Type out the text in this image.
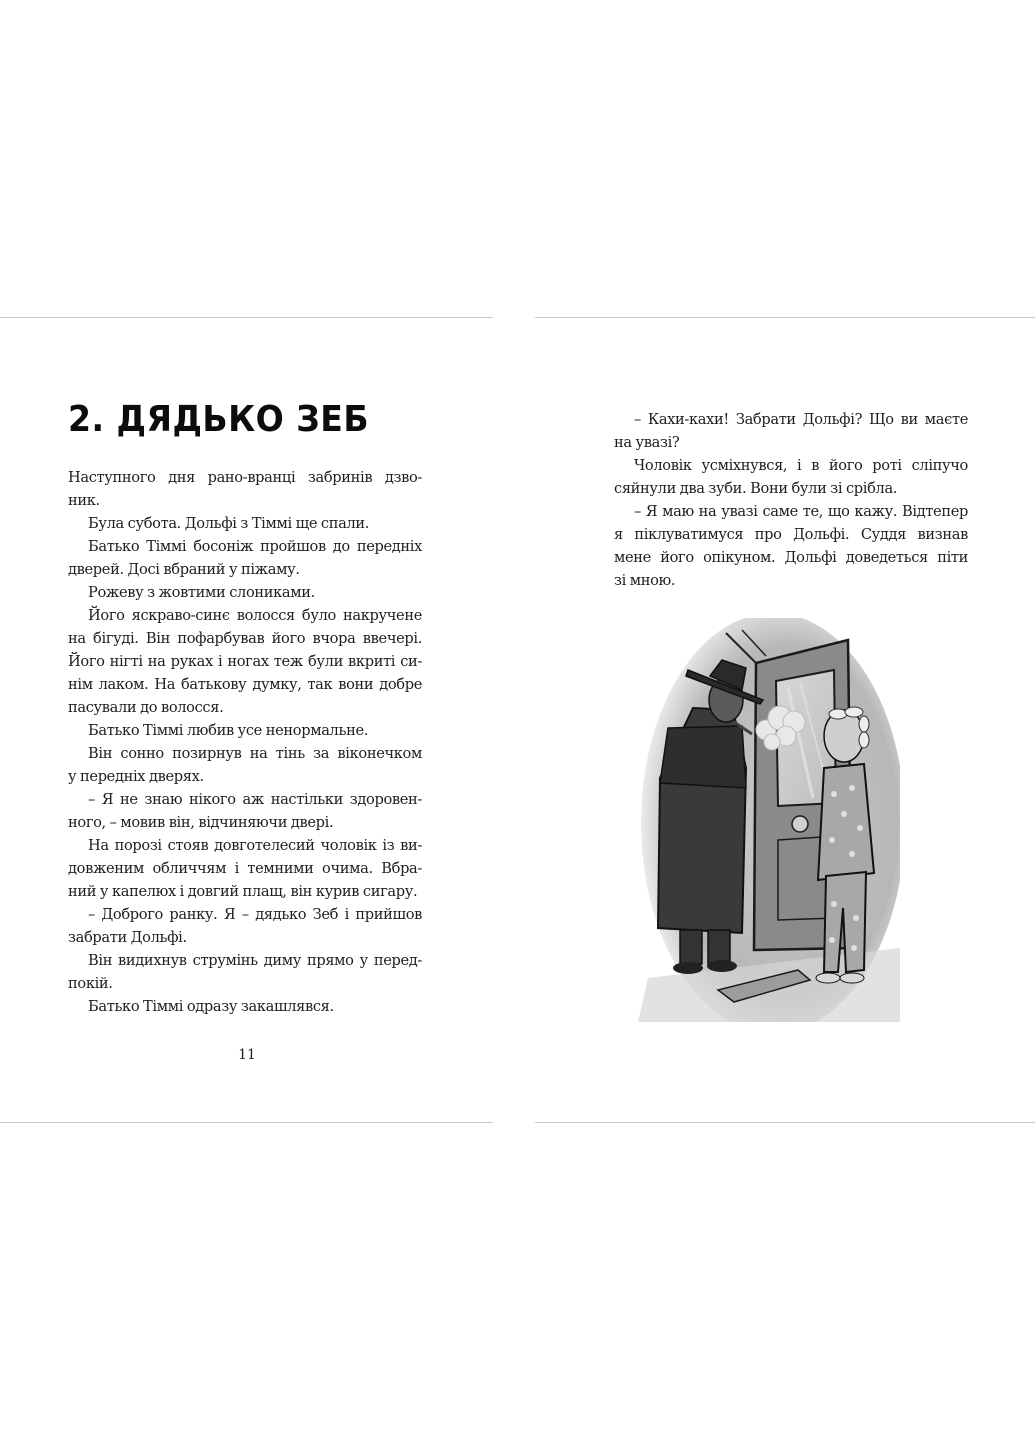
2. ДЯДЬКО ЗЕБ

Наступного дня рано-вранці забринів дзво-
ник.

Була субота. Дольфі з Тіммі ще спали.

Батько Тіммі босоніж пройшов до передніх
дверей. Досі вбраний у піжаму.

Рожеву з жовтими слониками.

Його яскраво-синє волосся було накручене
на бігуді. Він пофарбував його вчора ввечері.
Його нігті на руках і ногах теж були вкриті си-
нім лаком. На батькову думку, так вони добре
пасували до волосся.

Батько Тіммі любив усе ненормальне.

Він сонно позирнув на тінь за віконечком
у передніх дверях.

– Я не знаю нікого аж настільки здоровен-
ного, – мовив він, відчиняючи двері.

На порозі стояв довготелесий чоловік із ви-
довженим обличчям і темними очима. Вбра-
ний у капелюх і довгий плащ, він курив сигару.

– Доброго ранку. Я – дядько Зеб і прийшов
забрати Дольфі.

Він видихнув струмінь диму прямо у перед-
покій.

Батько Тіммі одразу закашлявся.

11

– Кахи-кахи! Забрати Дольфі? Що ви маєте
на увазі?

Чоловік усміхнувся, і в його роті сліпучо
сяйнули два зуби. Вони були зі срібла.

– Я маю на увазі саме те, що кажу. Відтепер
я піклуватимуся про Дольфі. Суддя визнав
мене його опікуном. Дольфі доведеться піти
зі мною.
